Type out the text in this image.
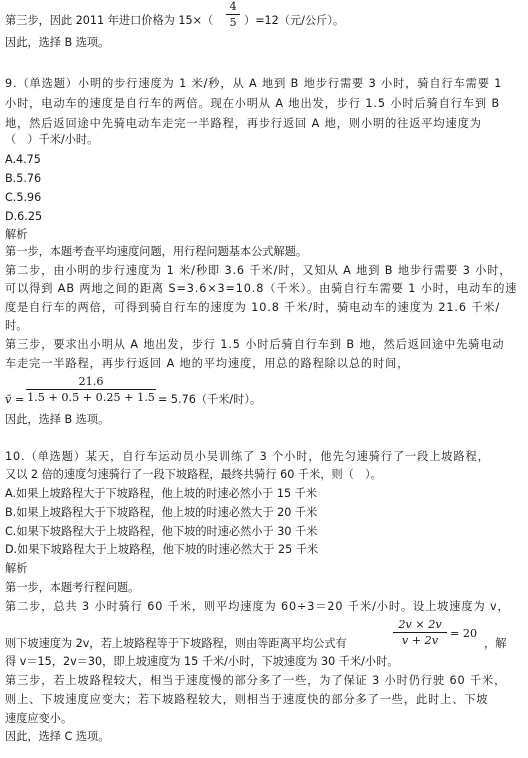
第三步，因此 2011 年进口价格为 15×（
4
5 ）=12（元/公斤）。
因此，选择 B 选项。
9.（单选题）小明的步行速度为 1 米/秒，从 A 地到 B 地步行需要 3 小时，骑自行车需要 1
小时，电动车的速度是自行车的两倍。现在小明从 A 地出发，步行 1.5 小时后骑自行车到 B
地，然后返回途中先骑电动车走完一半路程，再步行返回 A 地，则小明的往返平均速度为
（　）千米/小时。
A.4.75
B.5.76
C.5.96
D.6.25
解析
第一步，本题考查平均速度问题，用行程问题基本公式解题。
第二步，由小明的步行速度为 1 米/秒即 3.6 千米/时，又知从 A 地到 B 地步行需要 3 小时，
可以得到 AB 两地之间的距离 S=3.6×3=10.8（千米）。由骑自行车需要 1 小时，电动车的速
度是自行车的两倍，可得到骑自行车的速度为 10.8 千米/时，骑电动车的速度为 21.6 千米/
时。
第三步，要求出小明从 A 地出发，步行 1.5 小时后骑自行车到 B 地，然后返回途中先骑电动
车走完一半路程，再步行返回 A 地的平均速度，用总的路程除以总的时间，
v̄ =
21.6
1.5 + 0.5 + 0.25 + 1.5 = 5.76（千米/时）。
因此，选择 B 选项。
10.（单选题）某天，自行车运动员小吴训练了 3 个小时，他先匀速骑行了一段上坡路程，
又以 2 倍的速度匀速骑行了一段下坡路程，最终共骑行 60 千米，则（　）。
A.如果上坡路程大于下坡路程，他上坡的时速必然小于 15 千米
B.如果上坡路程大于下坡路程，他上坡的时速必然大于 20 千米
C.如果下坡路程大于上坡路程，他下坡的时速必然小于 30 千米
D.如果下坡路程大于上坡路程，他下坡的时速必然大于 25 千米
解析
第一步，本题考行程问题。
第二步，总共 3 小时骑行 60 千米，则平均速度为 60÷3＝20 千米/小时。设上坡速度为 v，
则下坡速度为 2v，若上坡路程等于下坡路程，则由等距离平均公式有
2v × 2v
v + 2v
= 20
，解
得 v＝15，2v＝30，即上坡速度为 15 千米/小时，下坡速度为 30 千米/小时。
第三步，若上坡路程较大，相当于速度慢的部分多了一些，为了保证 3 小时仍行驶 60 千米，
则上、下坡速度应变大；若下坡路程较大，则相当于速度快的部分多了一些，此时上、下坡
速度应变小。
因此，选择 C 选项。
